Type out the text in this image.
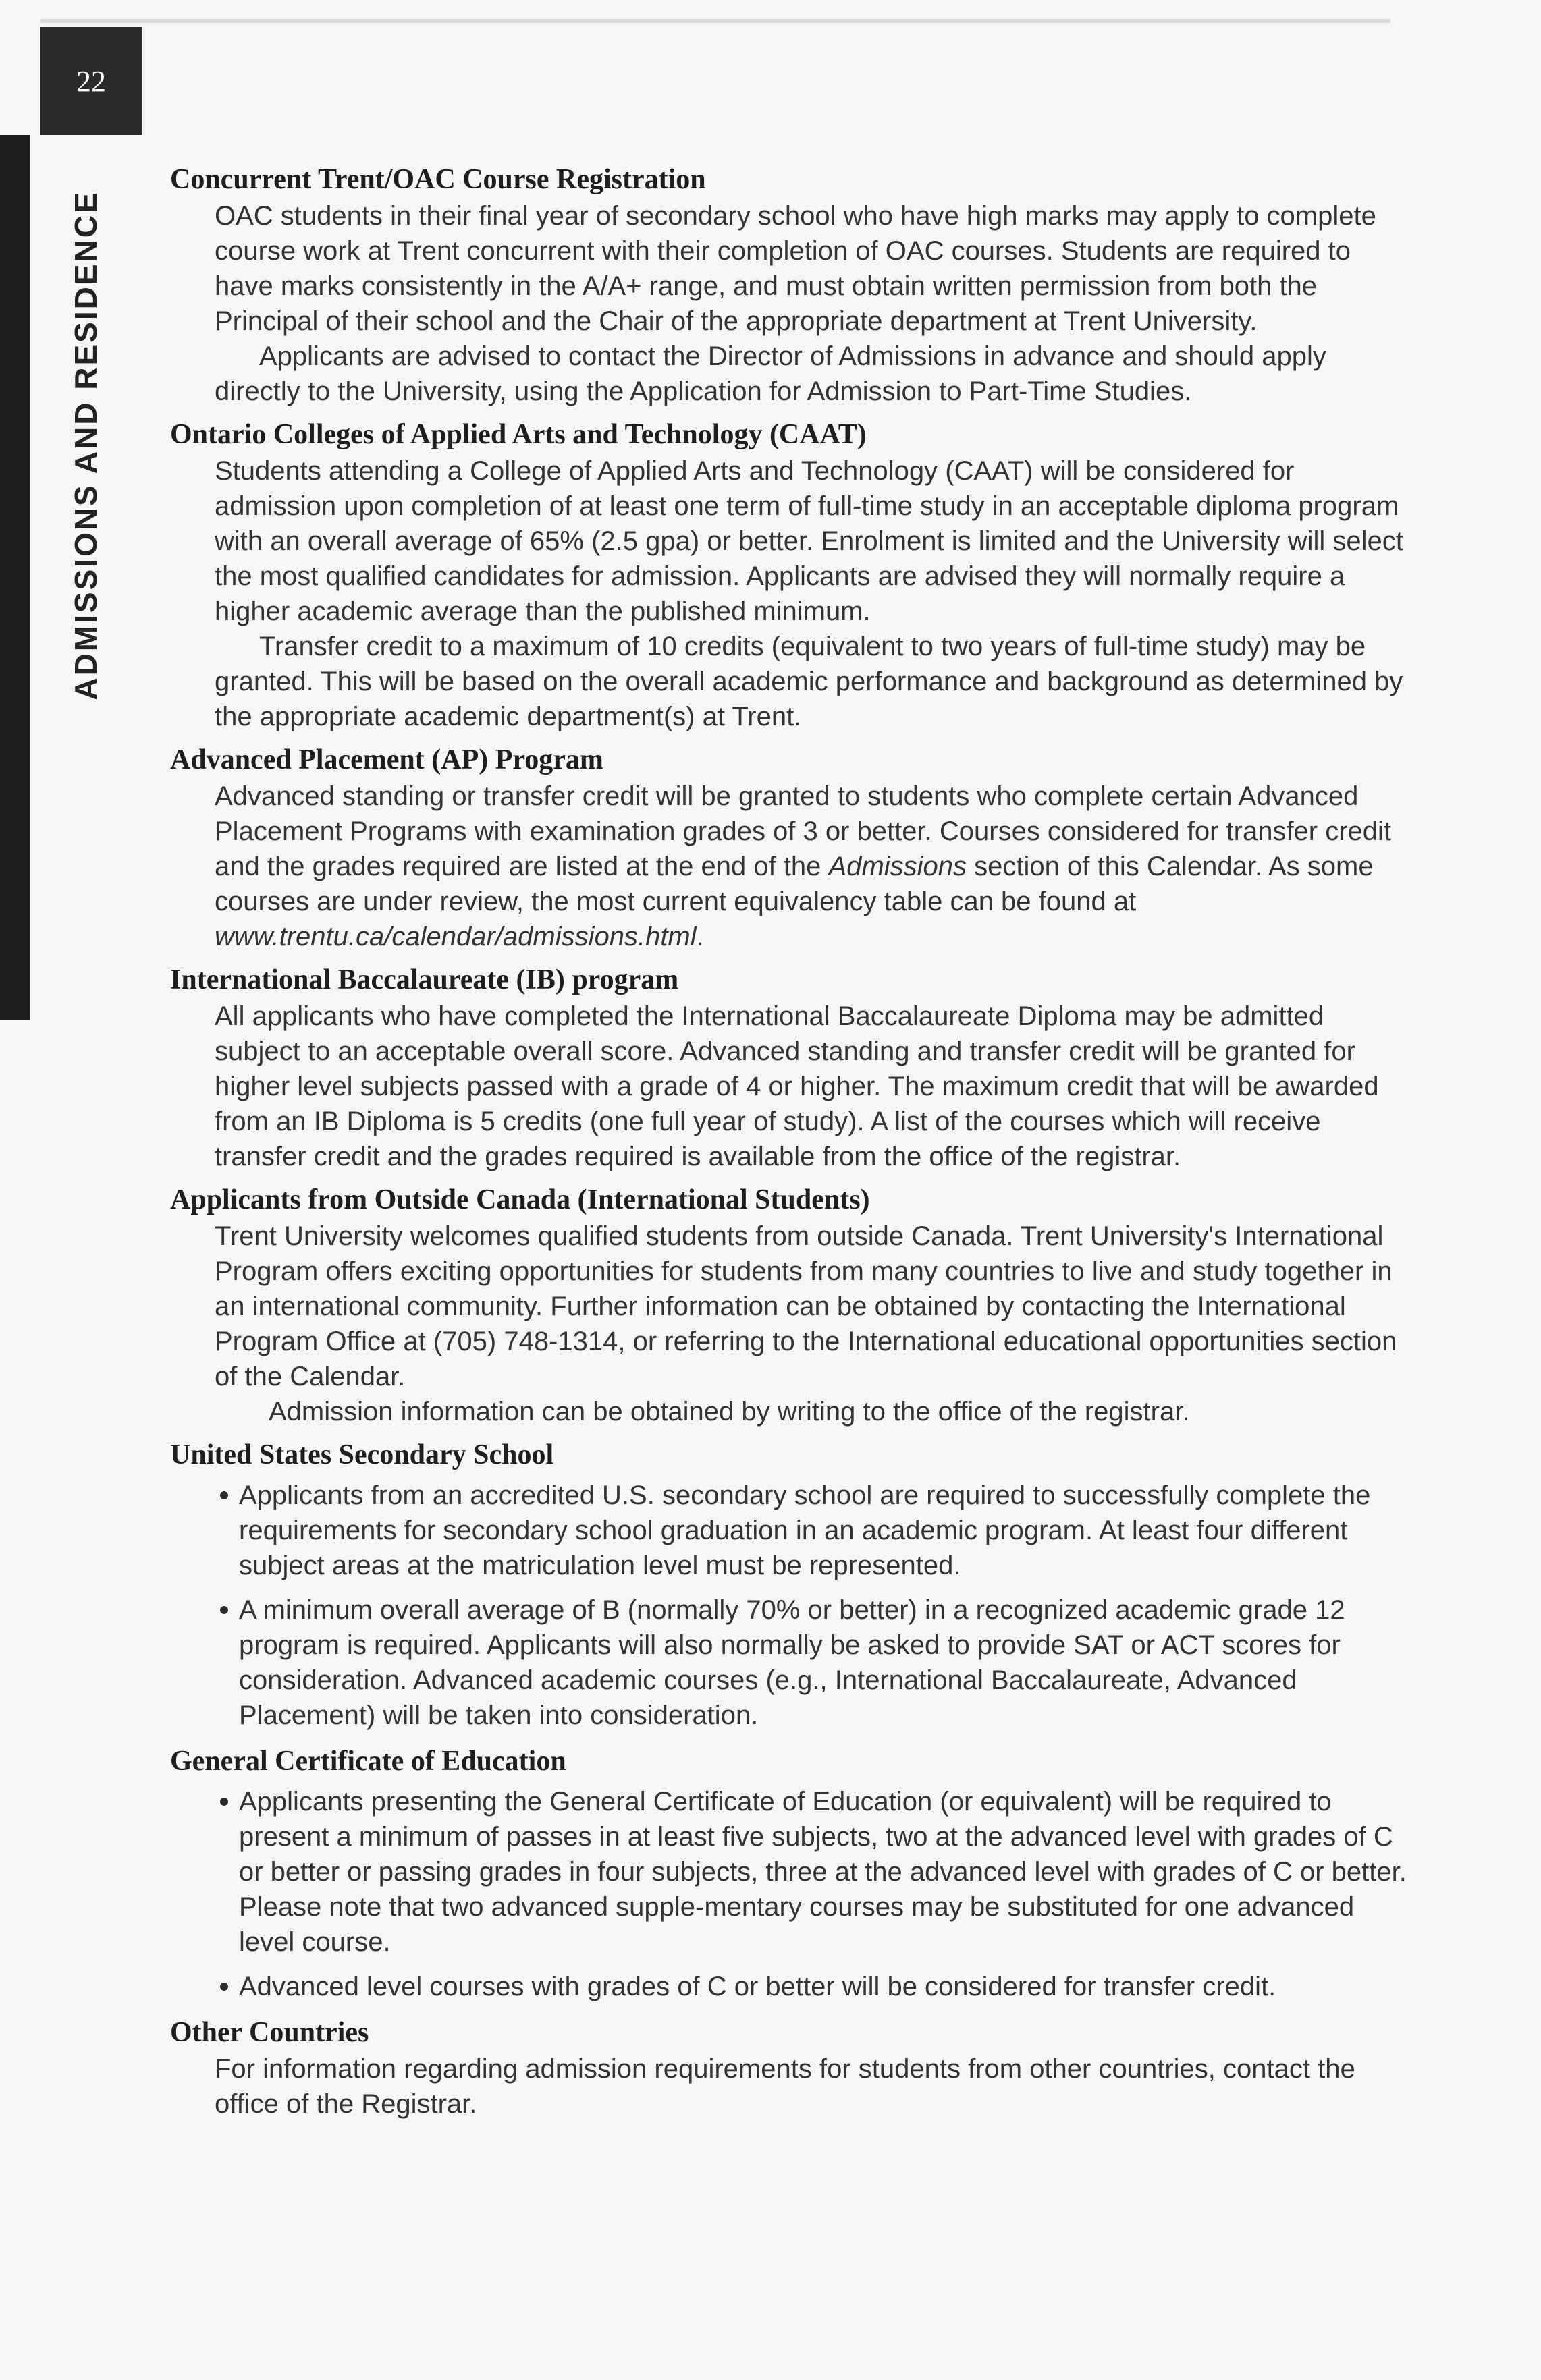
22
ADMISSIONS AND RESIDENCE
Concurrent Trent/OAC Course Registration
OAC students in their final year of secondary school who have high marks may apply to complete course work at Trent concurrent with their completion of OAC courses. Students are required to have marks consistently in the A/A+ range, and must obtain written permission from both the Principal of their school and the Chair of the appropriate department at Trent University.
Applicants are advised to contact the Director of Admissions in advance and should apply directly to the University, using the Application for Admission to Part-Time Studies.
Ontario Colleges of Applied Arts and Technology (CAAT)
Students attending a College of Applied Arts and Technology (CAAT) will be considered for admission upon completion of at least one term of full-time study in an acceptable diploma program with an overall average of 65% (2.5 gpa) or better. Enrolment is limited and the University will select the most qualified candidates for admission. Applicants are advised they will normally require a higher academic average than the published minimum.
Transfer credit to a maximum of 10 credits (equivalent to two years of full-time study) may be granted. This will be based on the overall academic performance and background as determined by the appropriate academic department(s) at Trent.
Advanced Placement (AP) Program
Advanced standing or transfer credit will be granted to students who complete certain Advanced Placement Programs with examination grades of 3 or better. Courses considered for transfer credit and the grades required are listed at the end of the Admissions section of this Calendar. As some courses are under review, the most current equivalency table can be found at www.trentu.ca/calendar/admissions.html.
International Baccalaureate (IB) program
All applicants who have completed the International Baccalaureate Diploma may be admitted subject to an acceptable overall score. Advanced standing and transfer credit will be granted for higher level subjects passed with a grade of 4 or higher. The maximum credit that will be awarded from an IB Diploma is 5 credits (one full year of study). A list of the courses which will receive transfer credit and the grades required is available from the office of the registrar.
Applicants from Outside Canada (International Students)
Trent University welcomes qualified students from outside Canada. Trent University's International Program offers exciting opportunities for students from many countries to live and study together in an international community. Further information can be obtained by contacting the International Program Office at (705) 748-1314, or referring to the International educational opportunities section of the Calendar.
Admission information can be obtained by writing to the office of the registrar.
United States Secondary School
Applicants from an accredited U.S. secondary school are required to successfully complete the requirements for secondary school graduation in an academic program. At least four different subject areas at the matriculation level must be represented.
A minimum overall average of B (normally 70% or better) in a recognized academic grade 12 program is required. Applicants will also normally be asked to provide SAT or ACT scores for consideration. Advanced academic courses (e.g., International Baccalaureate, Advanced Placement) will be taken into consideration.
General Certificate of Education
Applicants presenting the General Certificate of Education (or equivalent) will be required to present a minimum of passes in at least five subjects, two at the advanced level with grades of C or better or passing grades in four subjects, three at the advanced level with grades of C or better. Please note that two advanced supple-mentary courses may be substituted for one advanced level course.
Advanced level courses with grades of C or better will be considered for transfer credit.
Other Countries
For information regarding admission requirements for students from other countries, contact the office of the Registrar.
